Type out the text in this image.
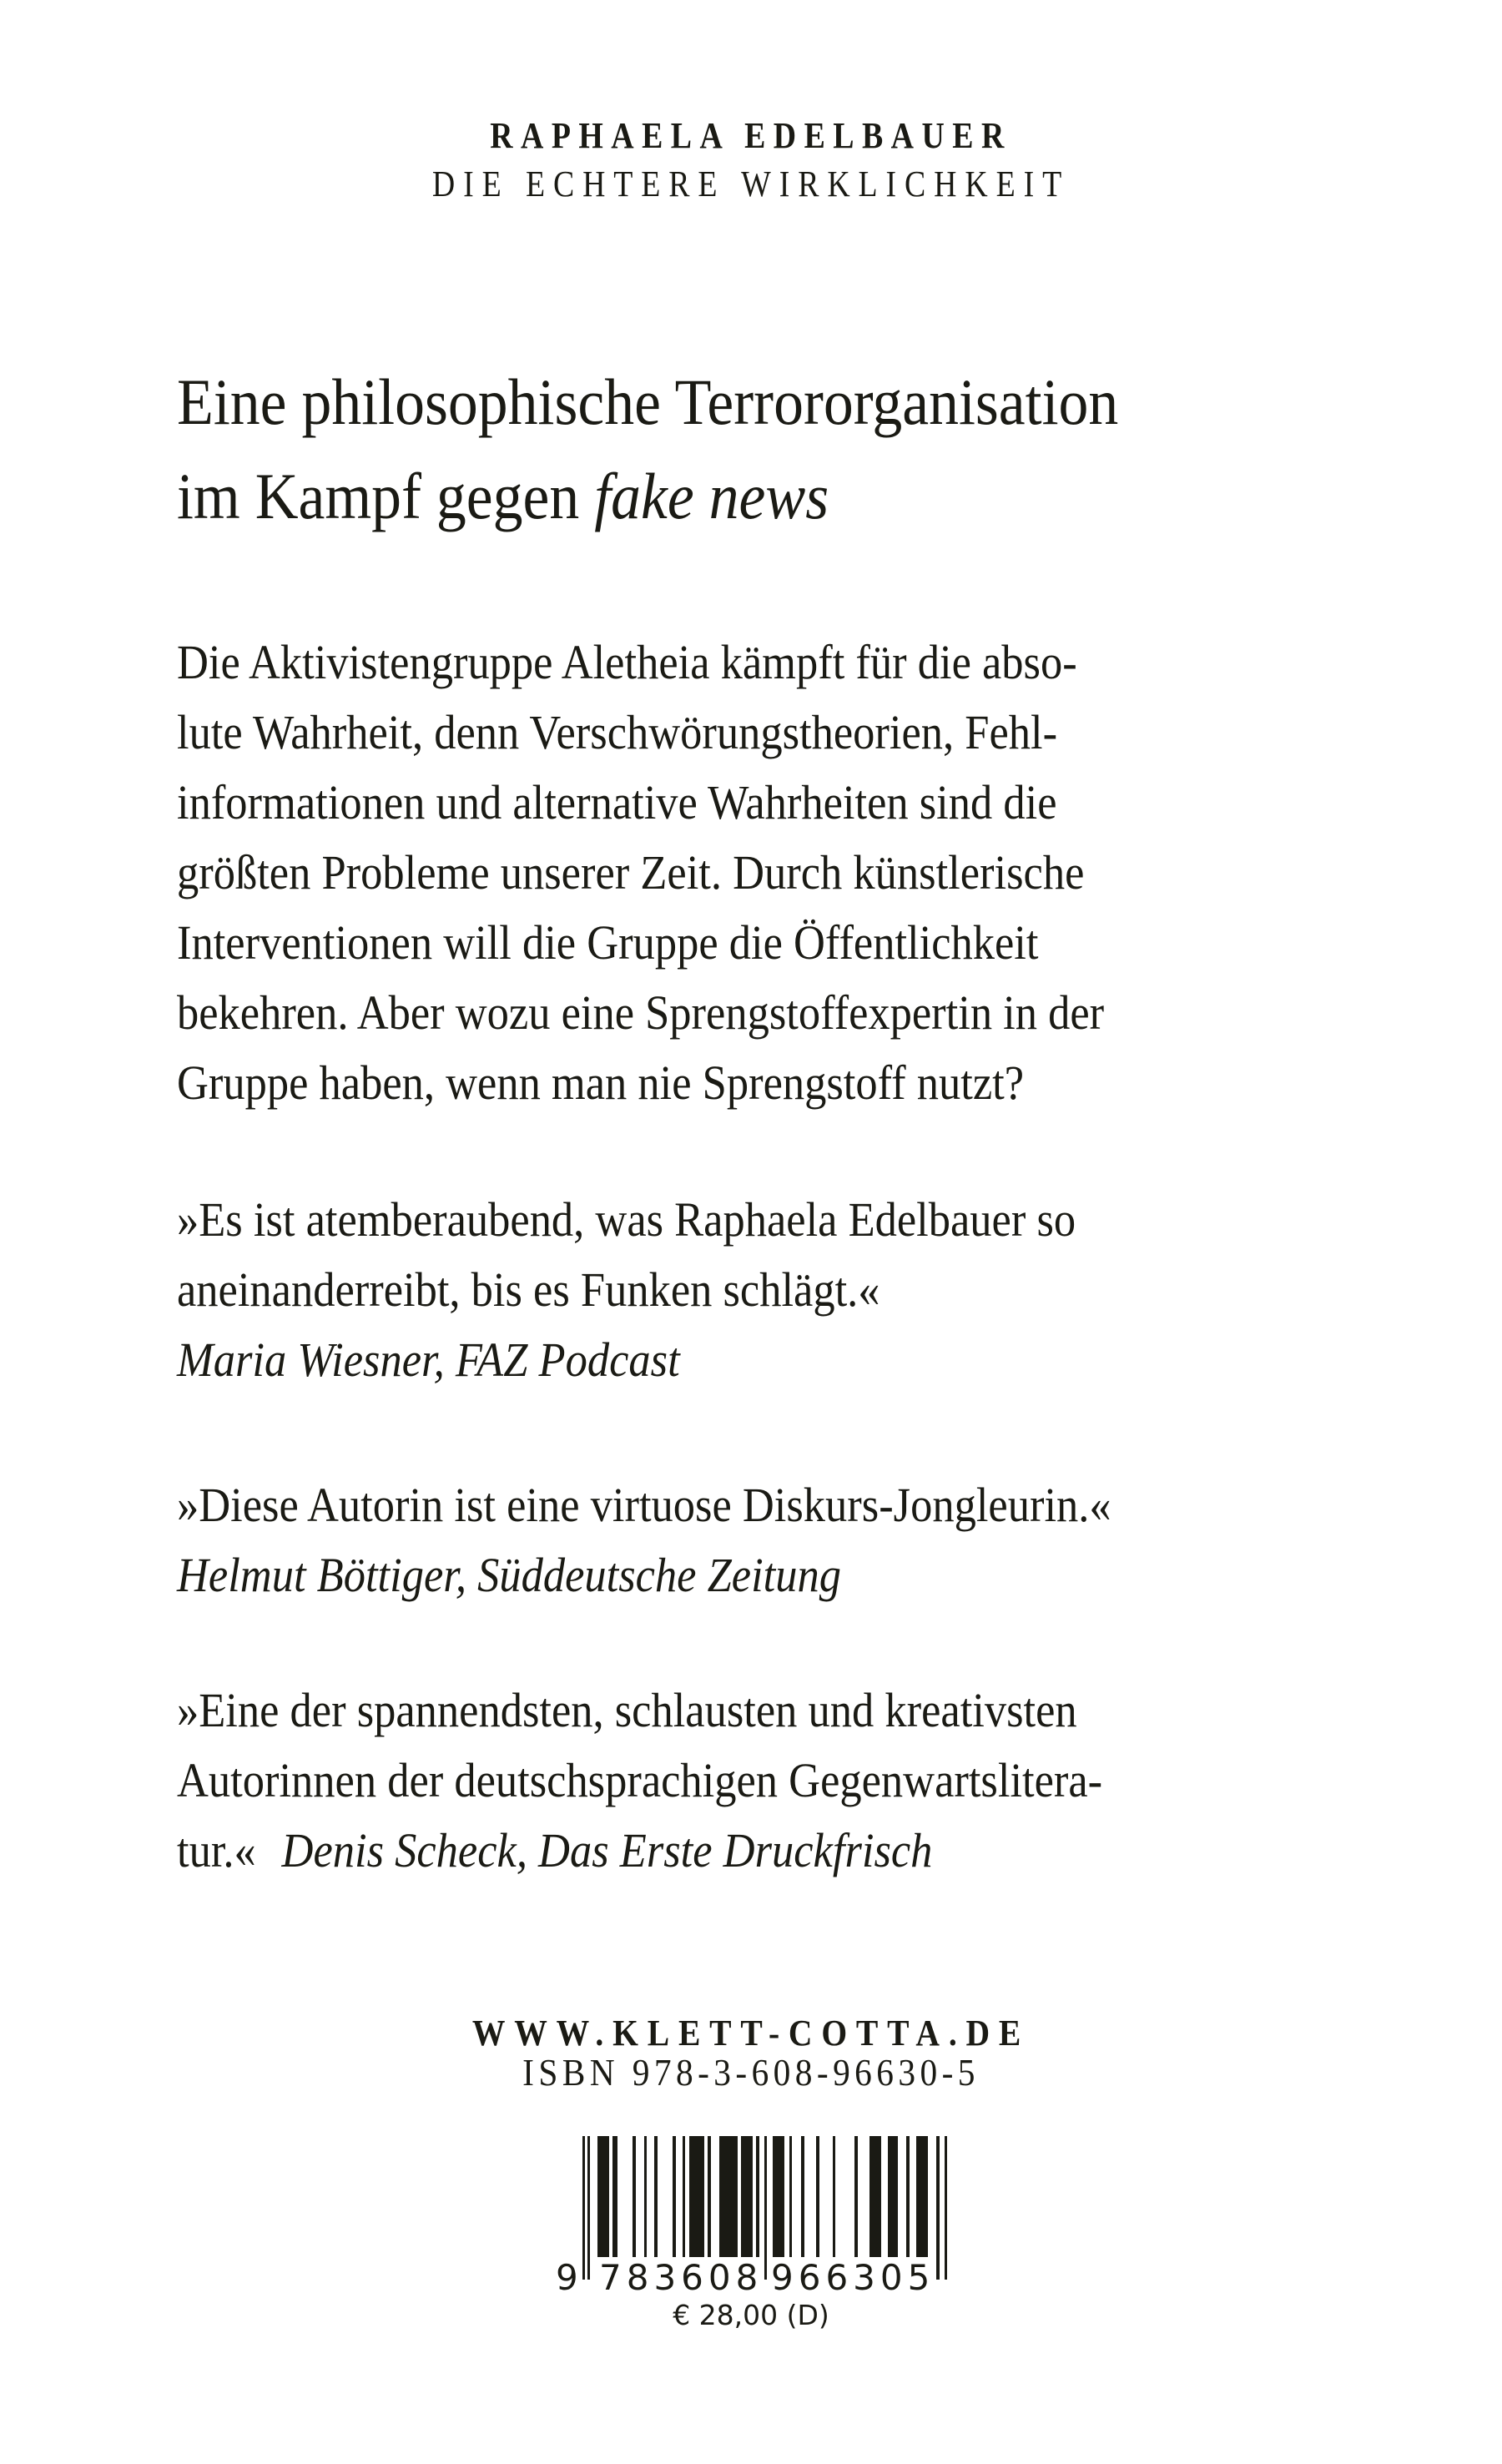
RAPHAELA EDELBAUER
DIE ECHTERE WIRKLICHKEIT
Eine philosophische Terrororganisation
im Kampf gegen fake news
Die Aktivistengruppe Aletheia kämpft für die abso-
lute Wahrheit, denn Verschwörungstheorien, Fehl-
informationen und alternative Wahrheiten sind die
größten Probleme unserer Zeit. Durch künstlerische
Interventionen will die Gruppe die Öffentlichkeit
bekehren. Aber wozu eine Sprengstoffexpertin in der
Gruppe haben, wenn man nie Sprengstoff nutzt?
»Es ist atemberaubend, was Raphaela Edelbauer so
aneinanderreibt, bis es Funken schlägt.«
Maria Wiesner, FAZ Podcast
»Diese Autorin ist eine virtuose Diskurs-Jongleurin.«
Helmut Böttiger, Süddeutsche Zeitung
»Eine der spannendsten, schlausten und kreativsten
Autorinnen der deutschsprachigen Gegenwartslitera-
tur.« Denis Scheck, Das Erste Druckfrisch
WWW.KLETT-COTTA.DE
ISBN 978-3-608-96630-5
9 783608 966305
€ 28,00 (D)
